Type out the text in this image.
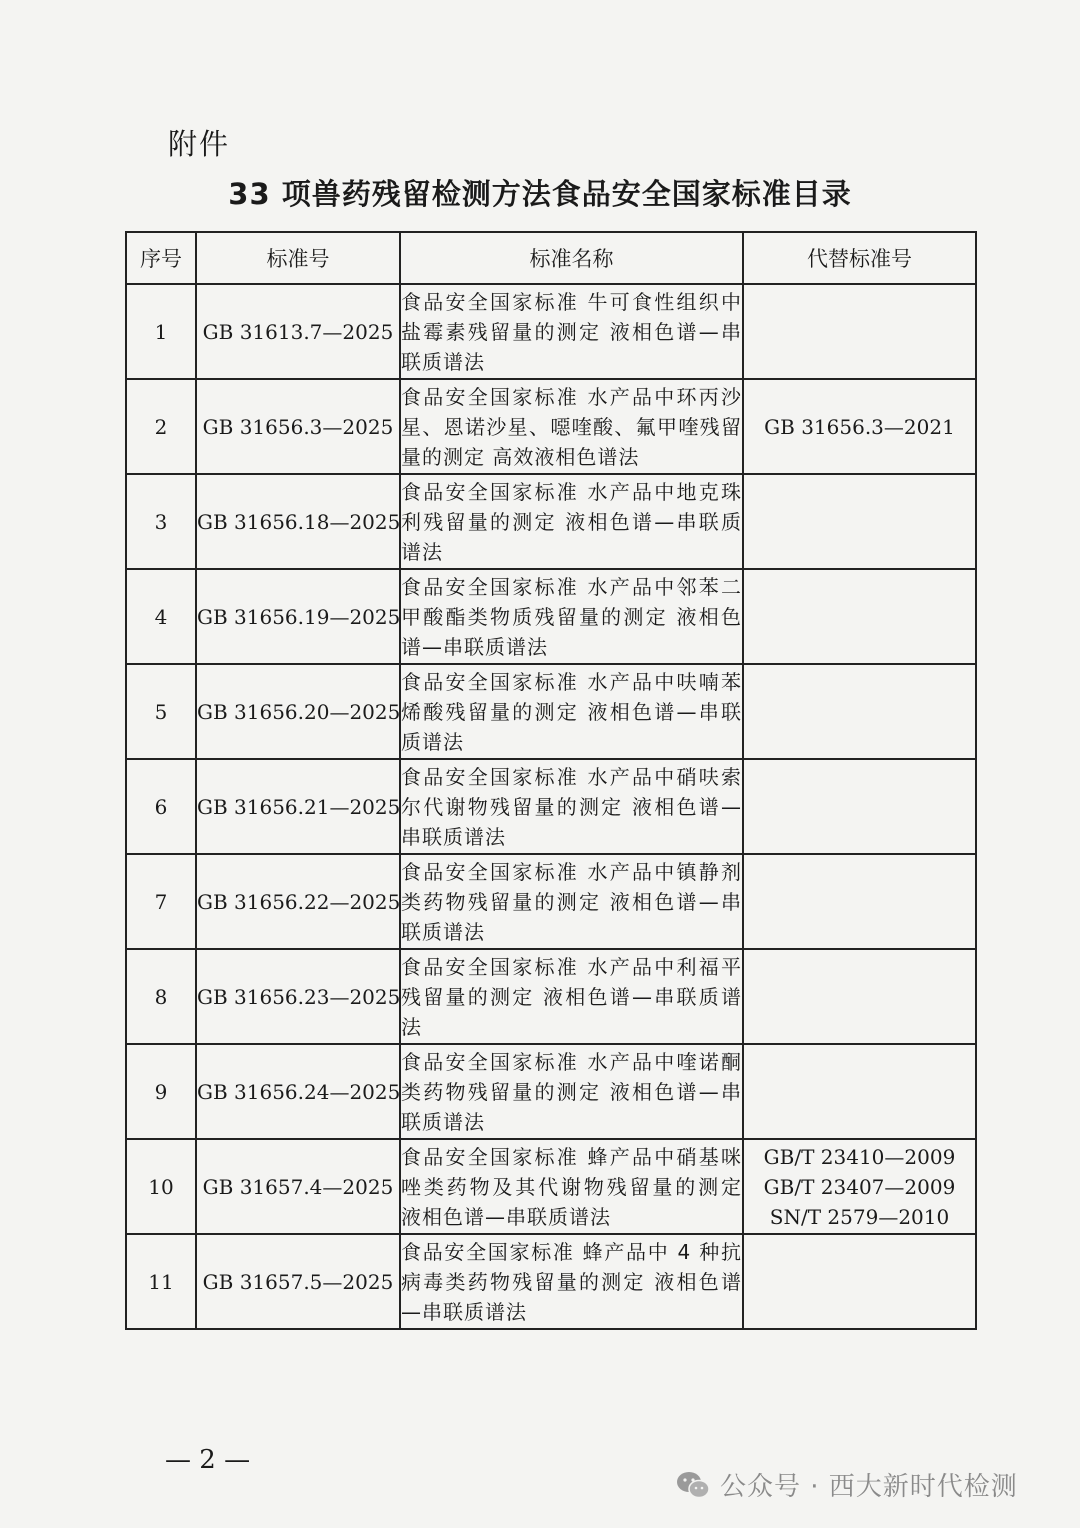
附件
33 项兽药残留检测方法食品安全国家标准目录
序号	标准号	标准名称	代替标准号
1	GB 31613.7—2025	食品安全国家标准 牛可食性组织中盐霉素残留量的测定 液相色谱—串联质谱法	
2	GB 31656.3—2025	食品安全国家标准 水产品中环丙沙星、恩诺沙星、噁喹酸、氟甲喹残留量的测定 高效液相色谱法	GB 31656.3—2021

3	GB 31656.18—2025	食品安全国家标准 水产品中地克珠利残留量的测定 液相色谱—串联质谱法	
4	GB 31656.19—2025	食品安全国家标准 水产品中邻苯二甲酸酯类物质残留量的测定 液相色谱—串联质谱法	
5	GB 31656.20—2025	食品安全国家标准 水产品中呋喃苯烯酸残留量的测定 液相色谱—串联质谱法	
6	GB 31656.21—2025	食品安全国家标准 水产品中硝呋索尔代谢物残留量的测定 液相色谱—串联质谱法	
7	GB 31656.22—2025	食品安全国家标准 水产品中镇静剂类药物残留量的测定 液相色谱—串联质谱法	
8	GB 31656.23—2025	食品安全国家标准 水产品中利福平残留量的测定 液相色谱—串联质谱法	
9	GB 31656.24—2025	食品安全国家标准 水产品中喹诺酮类药物残留量的测定 液相色谱—串联质谱法	
10	GB 31657.4—2025	食品安全国家标准 蜂产品中硝基咪唑类药物及其代谢物残留量的测定 液相色谱—串联质谱法	GB/T 23410—2009
GB/T 23407—2009
SN/T 2579—2010

11	GB 31657.5—2025	食品安全国家标准 蜂产品中 4 种抗病毒类药物残留量的测定 液相色谱—串联质谱法	
— 2 —
公众号 · 西大新时代检测
